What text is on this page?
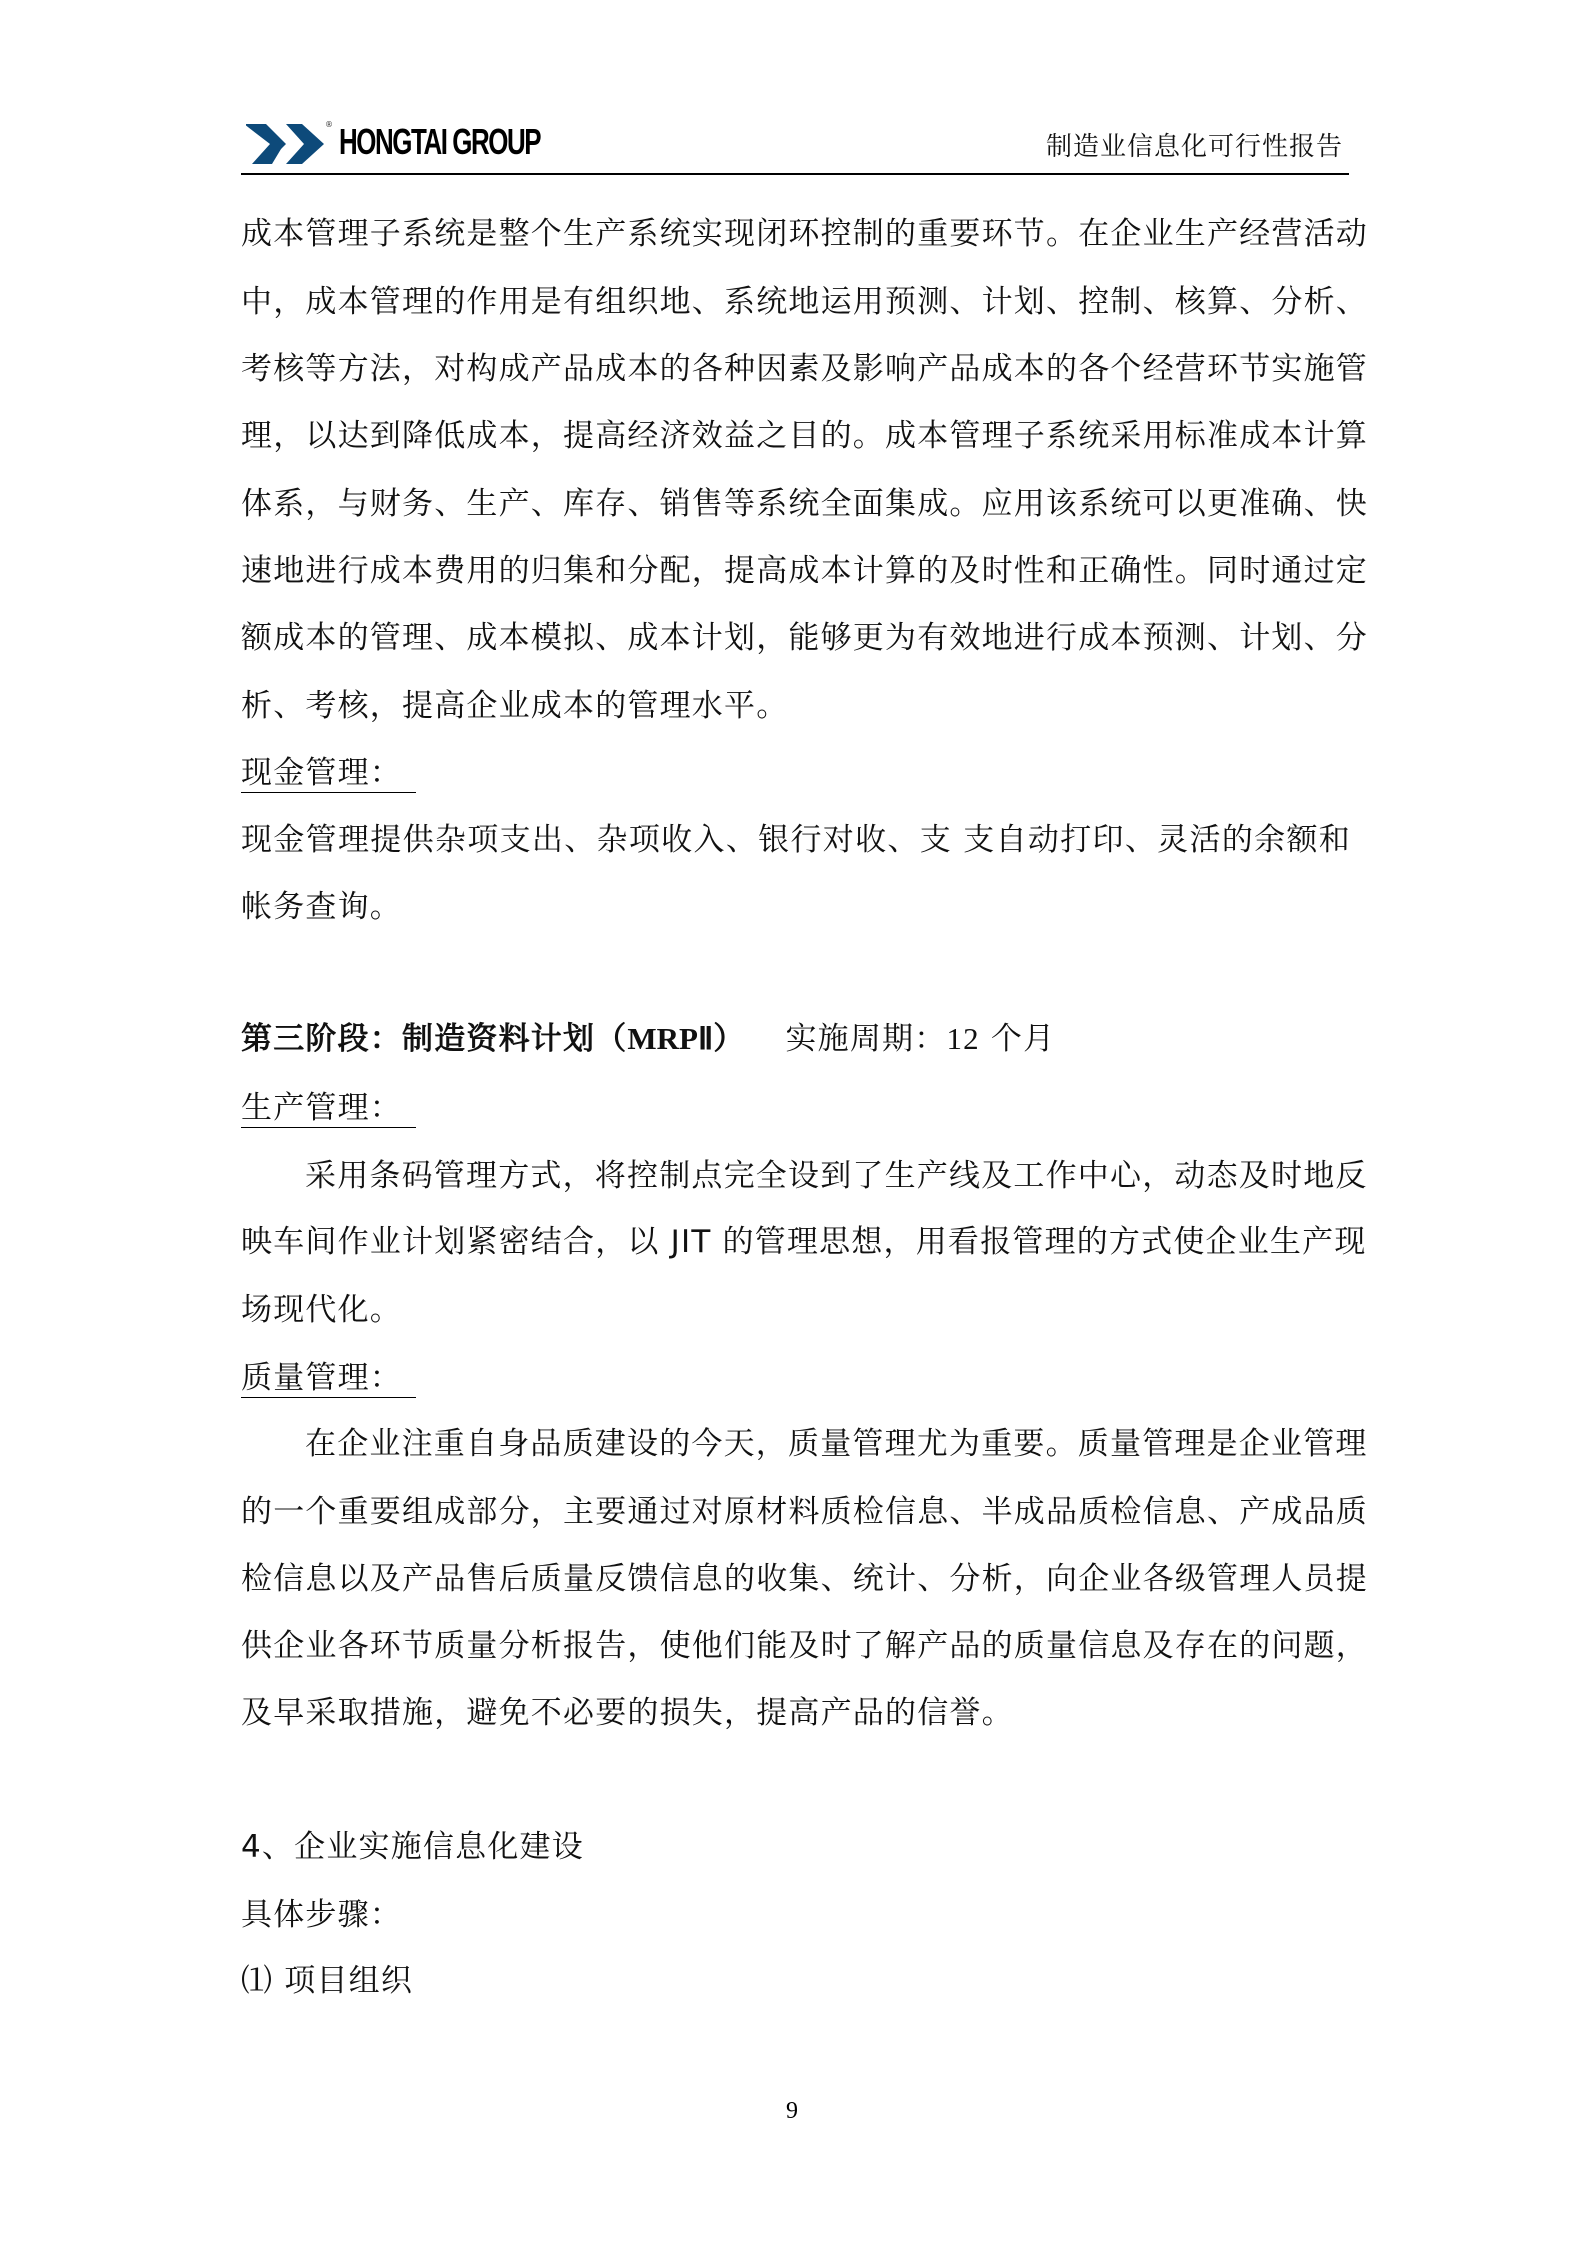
® HONGTAI GROUP	制造业信息化可行性报告
成本管理子系统是整个生产系统实现闭环控制的重要环节。在企业生产经营活动
中，成本管理的作用是有组织地、系统地运用预测、计划、控制、核算、分析、
考核等方法，对构成产品成本的各种因素及影响产品成本的各个经营环节实施管
理，以达到降低成本，提高经济效益之目的。成本管理子系统采用标准成本计算
体系，与财务、生产、库存、销售等系统全面集成。应用该系统可以更准确、快
速地进行成本费用的归集和分配，提高成本计算的及时性和正确性。同时通过定
额成本的管理、成本模拟、成本计划，能够更为有效地进行成本预测、计划、分
析、考核，提高企业成本的管理水平。
现金管理：
现金管理提供杂项支出、杂项收入、银行对收、支 支自动打印、灵活的余额和
帐务查询。
第三阶段：制造资料计划（MRPⅡ） 实施周期：12 个月
生产管理：
采用条码管理方式，将控制点完全设到了生产线及工作中心，动态及时地反
映车间作业计划紧密结合，以 JIT 的管理思想，用看报管理的方式使企业生产现
场现代化。
质量管理：
在企业注重自身品质建设的今天，质量管理尤为重要。质量管理是企业管理
的一个重要组成部分，主要通过对原材料质检信息、半成品质检信息、产成品质
检信息以及产品售后质量反馈信息的收集、统计、分析，向企业各级管理人员提
供企业各环节质量分析报告，使他们能及时了解产品的质量信息及存在的问题，
及早采取措施，避免不必要的损失，提高产品的信誉。
4、企业实施信息化建设
具体步骤：
⑴ 项目组织
9
